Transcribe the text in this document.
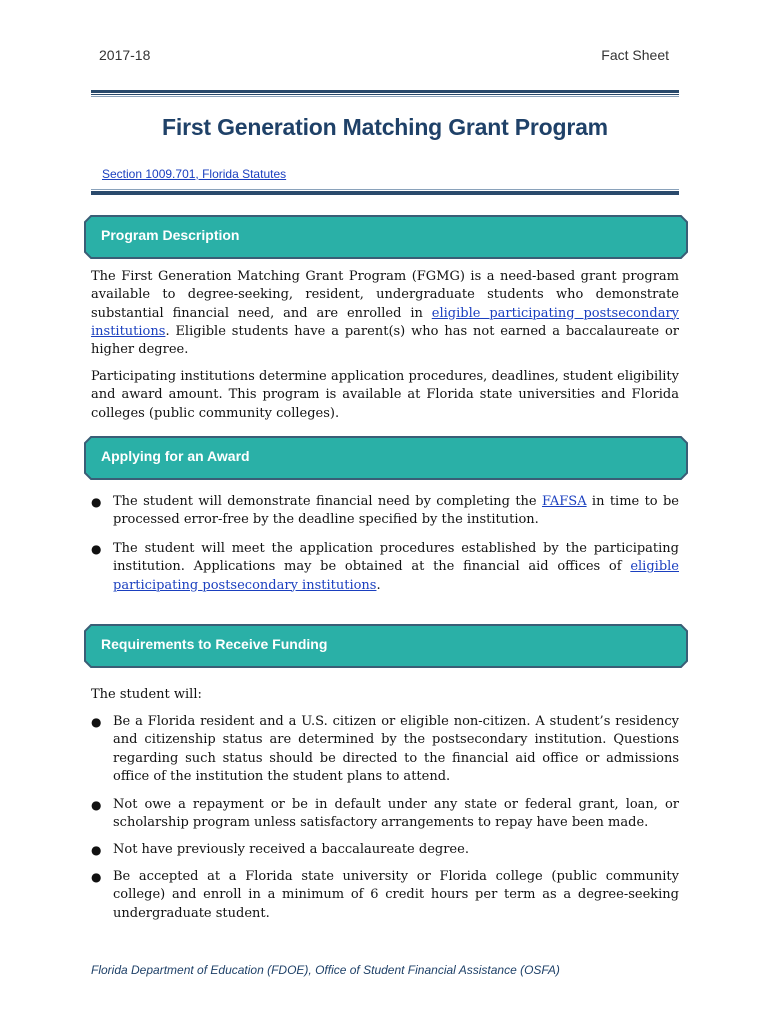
2017-18	Fact Sheet
First Generation Matching Grant Program
Section 1009.701, Florida Statutes
Program Description
The First Generation Matching Grant Program (FGMG) is a need-based grant program available to degree-seeking, resident, undergraduate students who demonstrate substantial financial need, and are enrolled in eligible participating postsecondary institutions. Eligible students have a parent(s) who has not earned a baccalaureate or higher degree.
Participating institutions determine application procedures, deadlines, student eligibility and award amount. This program is available at Florida state universities and Florida colleges (public community colleges).
Applying for an Award
● The student will demonstrate financial need by completing the FAFSA in time to be processed error-free by the deadline specified by the institution.
● The student will meet the application procedures established by the participating institution. Applications may be obtained at the financial aid offices of eligible participating postsecondary institutions.
Requirements to Receive Funding
The student will:
● Be a Florida resident and a U.S. citizen or eligible non-citizen. A student’s residency and citizenship status are determined by the postsecondary institution. Questions regarding such status should be directed to the financial aid office or admissions office of the institution the student plans to attend.
● Not owe a repayment or be in default under any state or federal grant, loan, or scholarship program unless satisfactory arrangements to repay have been made.
● Not have previously received a baccalaureate degree.
● Be accepted at a Florida state university or Florida college (public community college) and enroll in a minimum of 6 credit hours per term as a degree-seeking undergraduate student.
Florida Department of Education (FDOE), Office of Student Financial Assistance (OSFA)
